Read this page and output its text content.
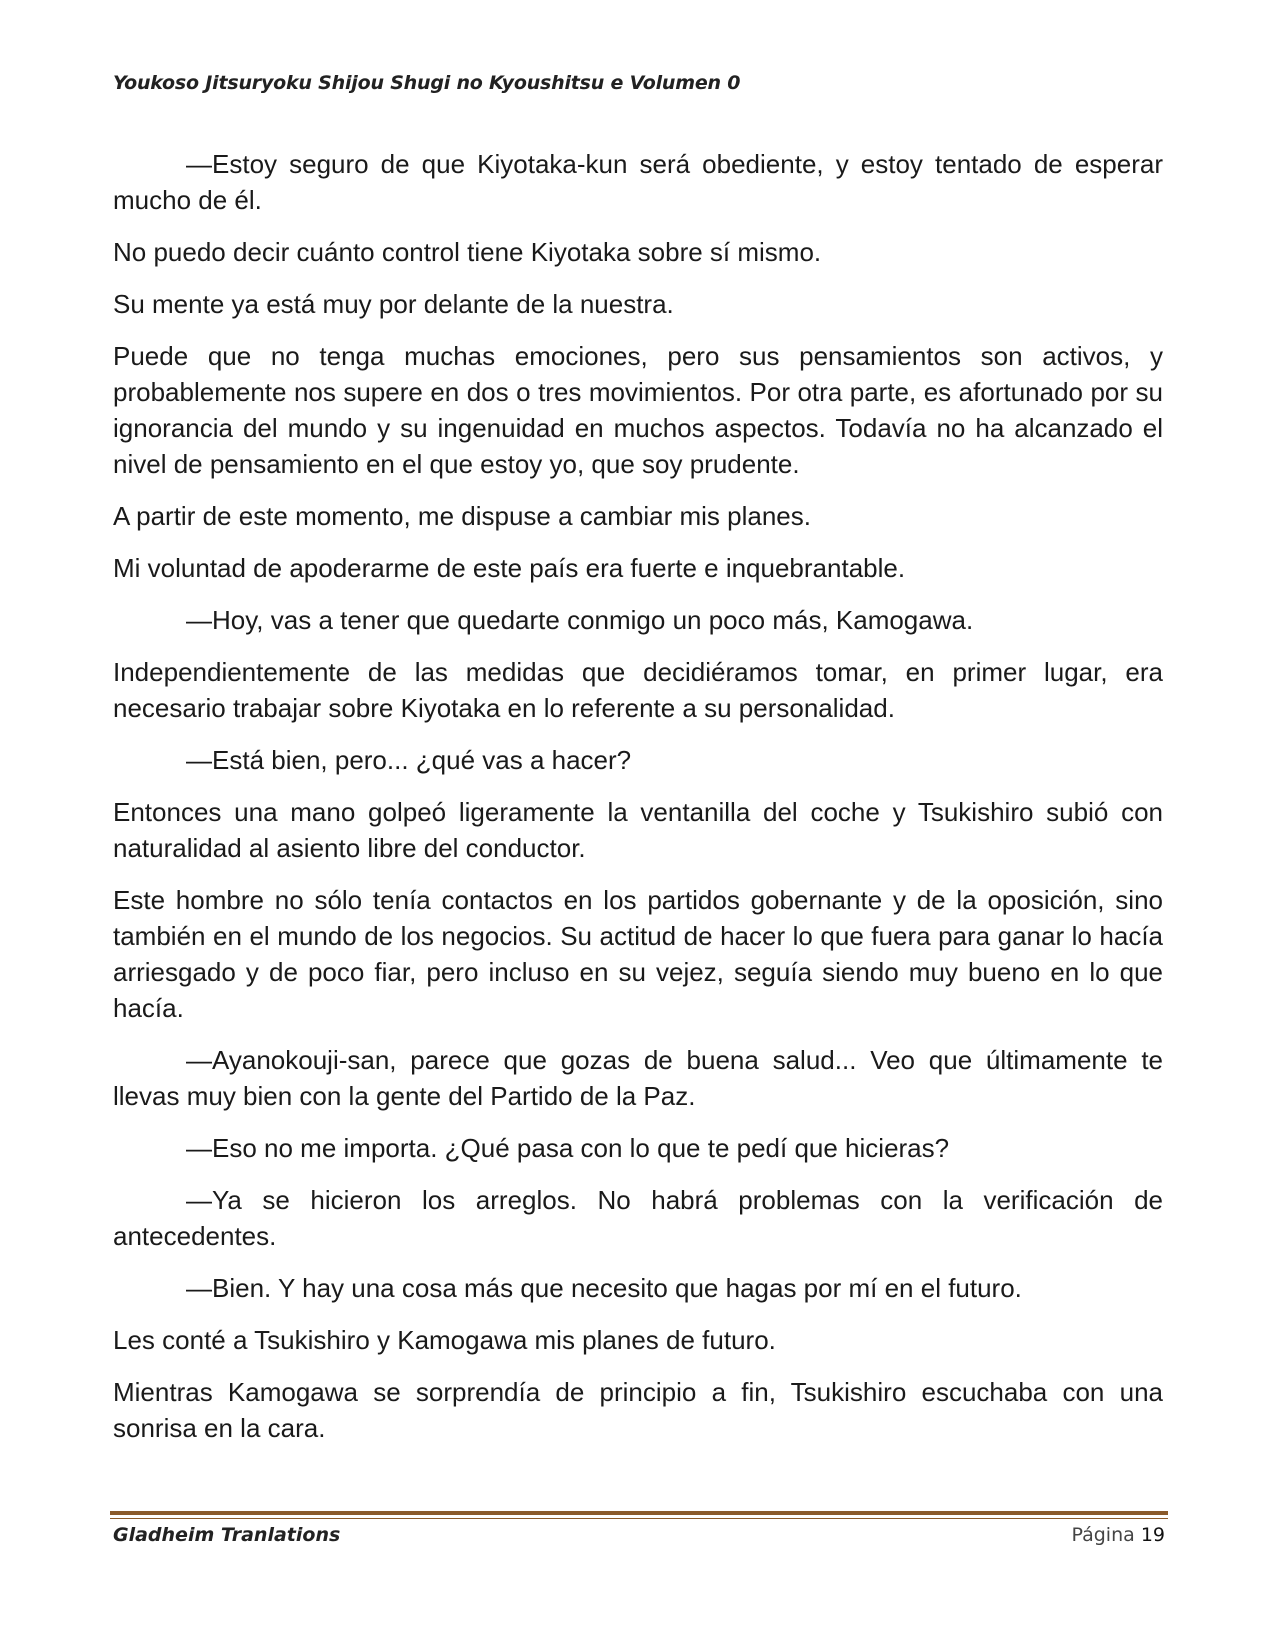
Youkoso Jitsuryoku Shijou Shugi no Kyoushitsu e Volumen 0

—Estoy seguro de que Kiyotaka-kun será obediente, y estoy tentado de esperar mucho de él.

No puedo decir cuánto control tiene Kiyotaka sobre sí mismo.

Su mente ya está muy por delante de la nuestra.

Puede que no tenga muchas emociones, pero sus pensamientos son activos, y probablemente nos supere en dos o tres movimientos. Por otra parte, es afortunado por su ignorancia del mundo y su ingenuidad en muchos aspectos. Todavía no ha alcanzado el nivel de pensamiento en el que estoy yo, que soy prudente.

A partir de este momento, me dispuse a cambiar mis planes.

Mi voluntad de apoderarme de este país era fuerte e inquebrantable.

—Hoy, vas a tener que quedarte conmigo un poco más, Kamogawa.

Independientemente de las medidas que decidiéramos tomar, en primer lugar, era necesario trabajar sobre Kiyotaka en lo referente a su personalidad.

—Está bien, pero... ¿qué vas a hacer?

Entonces una mano golpeó ligeramente la ventanilla del coche y Tsukishiro subió con naturalidad al asiento libre del conductor.

Este hombre no sólo tenía contactos en los partidos gobernante y de la oposición, sino también en el mundo de los negocios. Su actitud de hacer lo que fuera para ganar lo hacía arriesgado y de poco fiar, pero incluso en su vejez, seguía siendo muy bueno en lo que hacía.

—Ayanokouji-san, parece que gozas de buena salud... Veo que últimamente te llevas muy bien con la gente del Partido de la Paz.

—Eso no me importa. ¿Qué pasa con lo que te pedí que hicieras?

—Ya se hicieron los arreglos. No habrá problemas con la verificación de antecedentes.

—Bien. Y hay una cosa más que necesito que hagas por mí en el futuro.

Les conté a Tsukishiro y Kamogawa mis planes de futuro.

Mientras Kamogawa se sorprendía de principio a fin, Tsukishiro escuchaba con una sonrisa en la cara.

Gladheim Tranlations	Página 19
